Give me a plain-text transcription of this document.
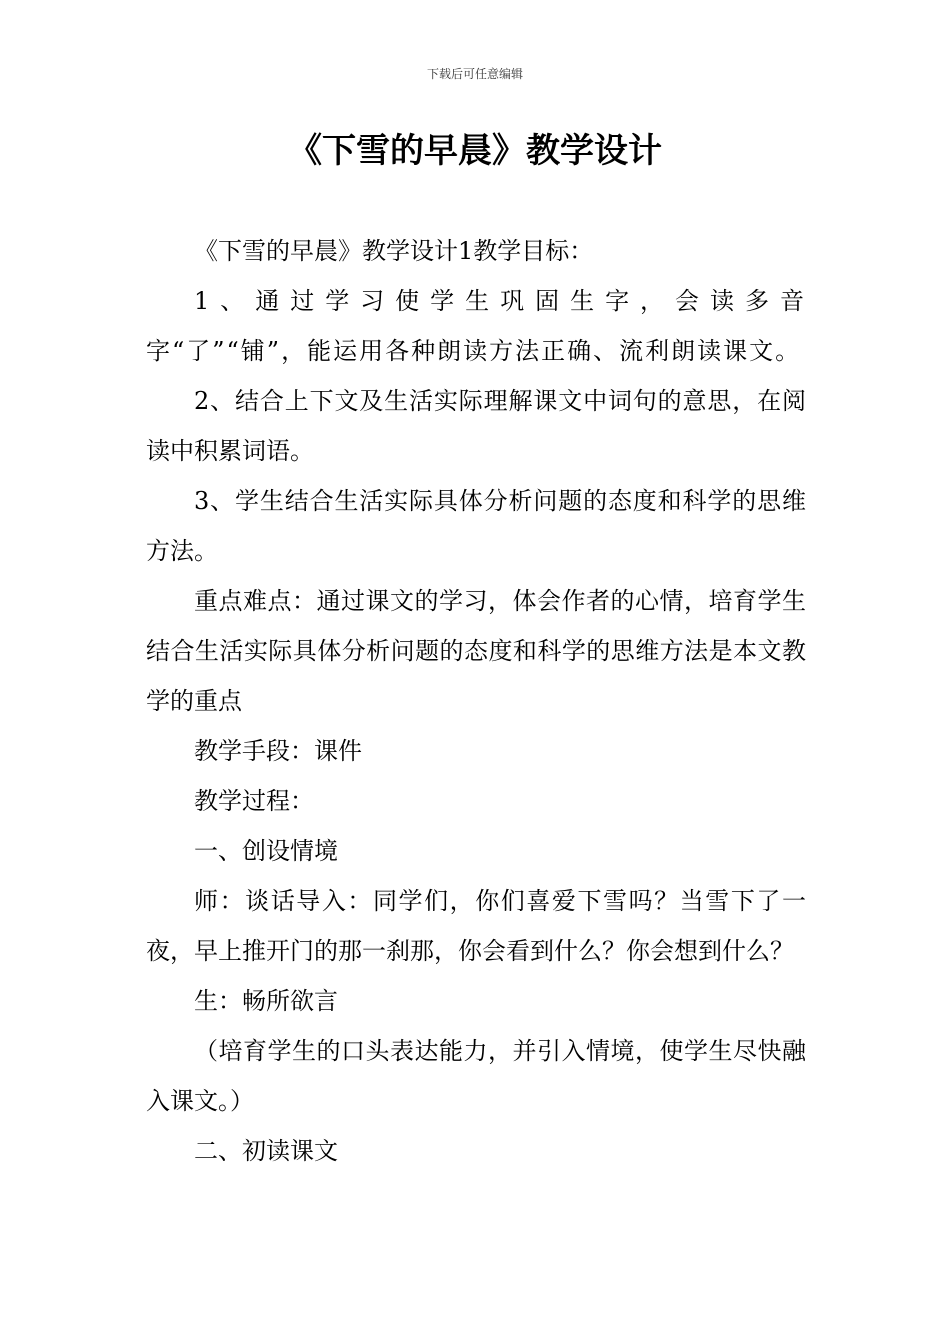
下载后可任意编辑
《下雪的早晨》教学设计

《下雪的早晨》教学设计1教学目标：

1、通过学习使学生巩固生字，会读多音字“了”“铺”，能运用各种朗读方法正确、流利朗读课文。

2、结合上下文及生活实际理解课文中词句的意思，在阅读中积累词语。

3、学生结合生活实际具体分析问题的态度和科学的思维方法。

重点难点：通过课文的学习，体会作者的心情，培育学生结合生活实际具体分析问题的态度和科学的思维方法是本文教学的重点

教学手段：课件

教学过程：

一、创设情境

师：谈话导入：同学们，你们喜爱下雪吗？当雪下了一夜，早上推开门的那一刹那，你会看到什么？你会想到什么？

生：畅所欲言

（培育学生的口头表达能力，并引入情境，使学生尽快融入课文。）

二、初读课文
